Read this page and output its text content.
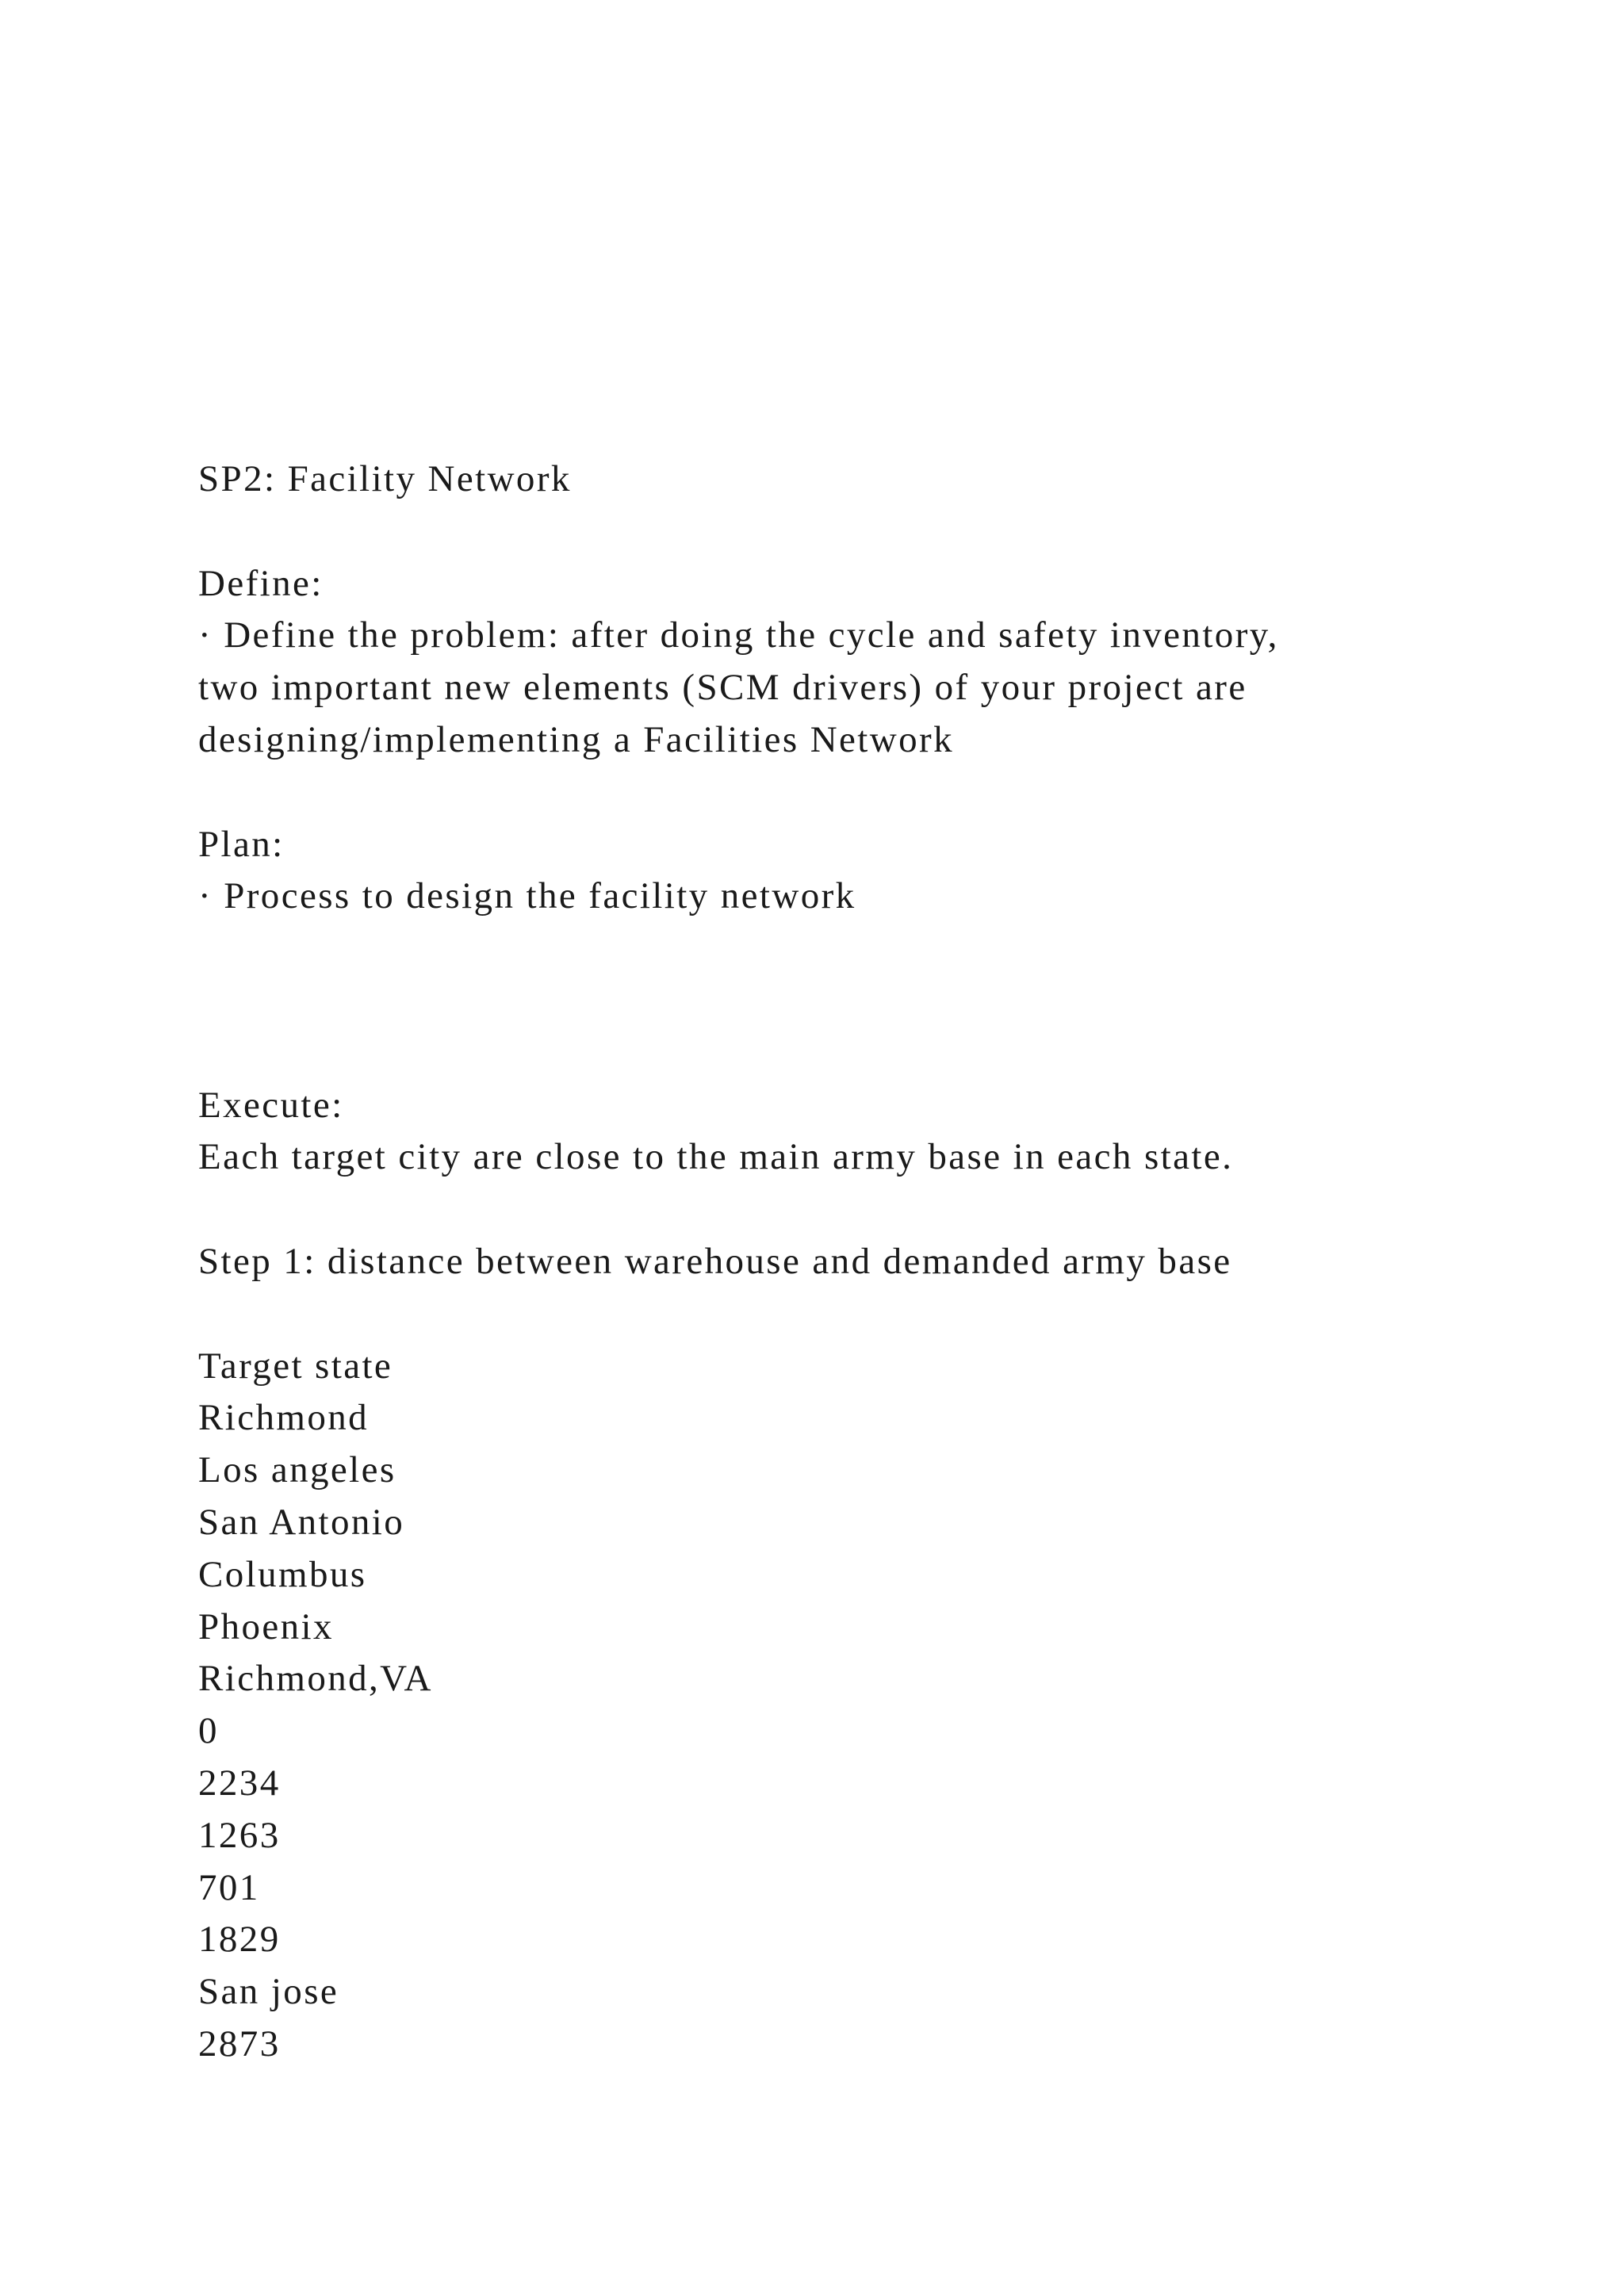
SP2: Facility Network
Define:
· Define the problem: after doing the cycle and safety inventory,
two important new elements (SCM drivers) of your project are
designing/implementing a Facilities Network
Plan:
· Process to design the facility network
Execute:
Each target city are close to the main army base in each state.
Step 1: distance between warehouse and demanded army base
Target state
Richmond
Los angeles
San Antonio
Columbus
Phoenix
Richmond,VA
0
2234
1263
701
1829
San jose
2873
